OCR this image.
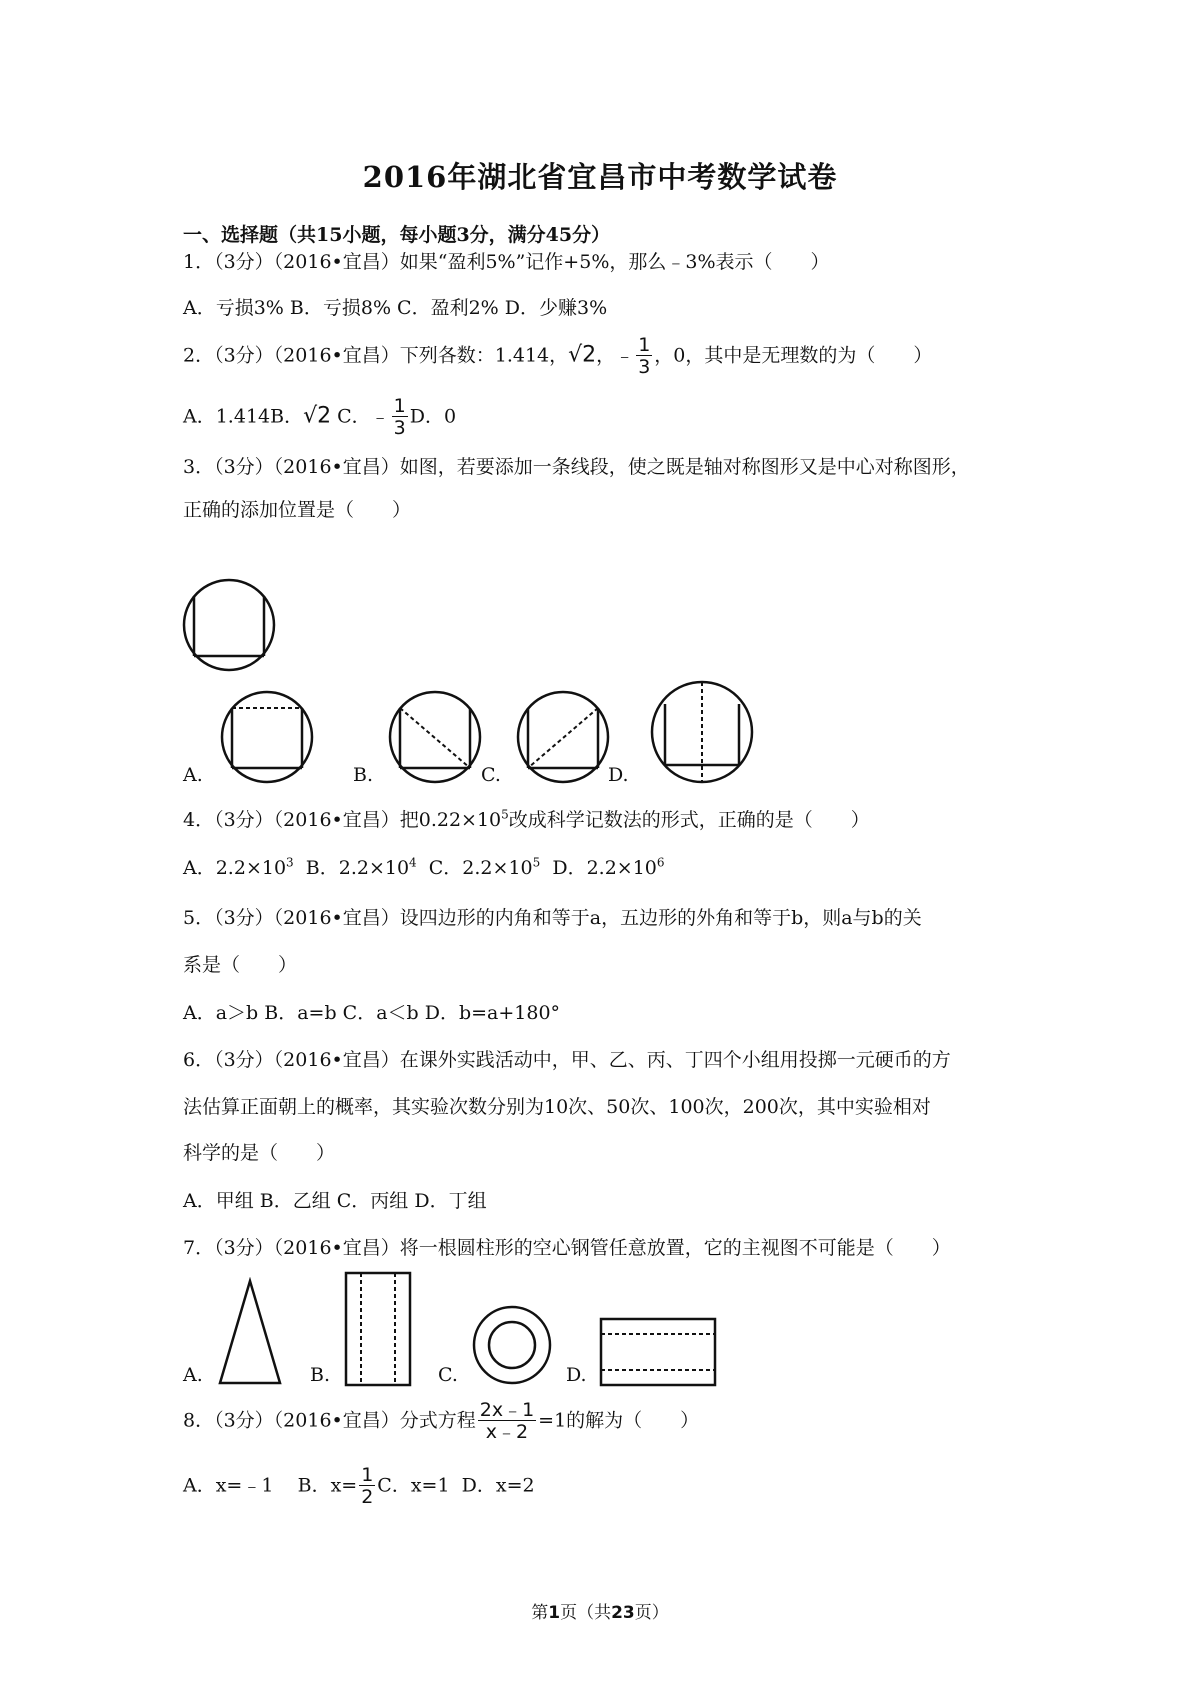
2016年湖北省宜昌市中考数学试卷
一、选择题（共15小题，每小题3分，满分45分）
1．（3分）（2016•宜昌）如果“盈利5%”记作+5%，那么﹣3%表示（　　）
A．亏损3% B．亏损8% C．盈利2% D．少赚3%
2．（3分）（2016•宜昌）下列各数：1.414，√2，﹣ $\frac{1}{3}$ ，0，其中是无理数的为（　　）
A．1.414B．√2 C．﹣ $\frac{1}{3}$ D．0
3．（3分）（2016•宜昌）如图，若要添加一条线段，使之既是轴对称图形又是中心对称图形，
正确的添加位置是（　　）
A.	B.	C.	D.
4．（3分）（2016•宜昌）把$0.22\times 10^5$改成科学记数法的形式，正确的是（　　）
A．$2.2\times 10^3$  B．$2.2\times 10^4$  C．$2.2\times 10^5$  D．$2.2\times 10^6$
5．（3分）（2016•宜昌）设四边形的内角和等于a，五边形的外角和等于b，则a与b的关
系是（　　）
A．a＞b B．a=b C．a＜b D．b=a+180°
6．（3分）（2016•宜昌）在课外实践活动中，甲、乙、丙、丁四个小组用投掷一元硬币的方
法估算正面朝上的概率，其实验次数分别为10次、50次、100次，200次，其中实验相对
科学的是（　　）
A．甲组 B．乙组 C．丙组 D．丁组
7．（3分）（2016•宜昌）将一根圆柱形的空心钢管任意放置，它的主视图不可能是（　　）
A.	B.	C.	D.
8．（3分）（2016•宜昌）分式方程 $\frac{2x﹣1}{x﹣2} =1$的解为（　　）
A．x=﹣1    B．$x= \frac{1}{2}$ C．x=1  D．x=2
第1页（共23页）
